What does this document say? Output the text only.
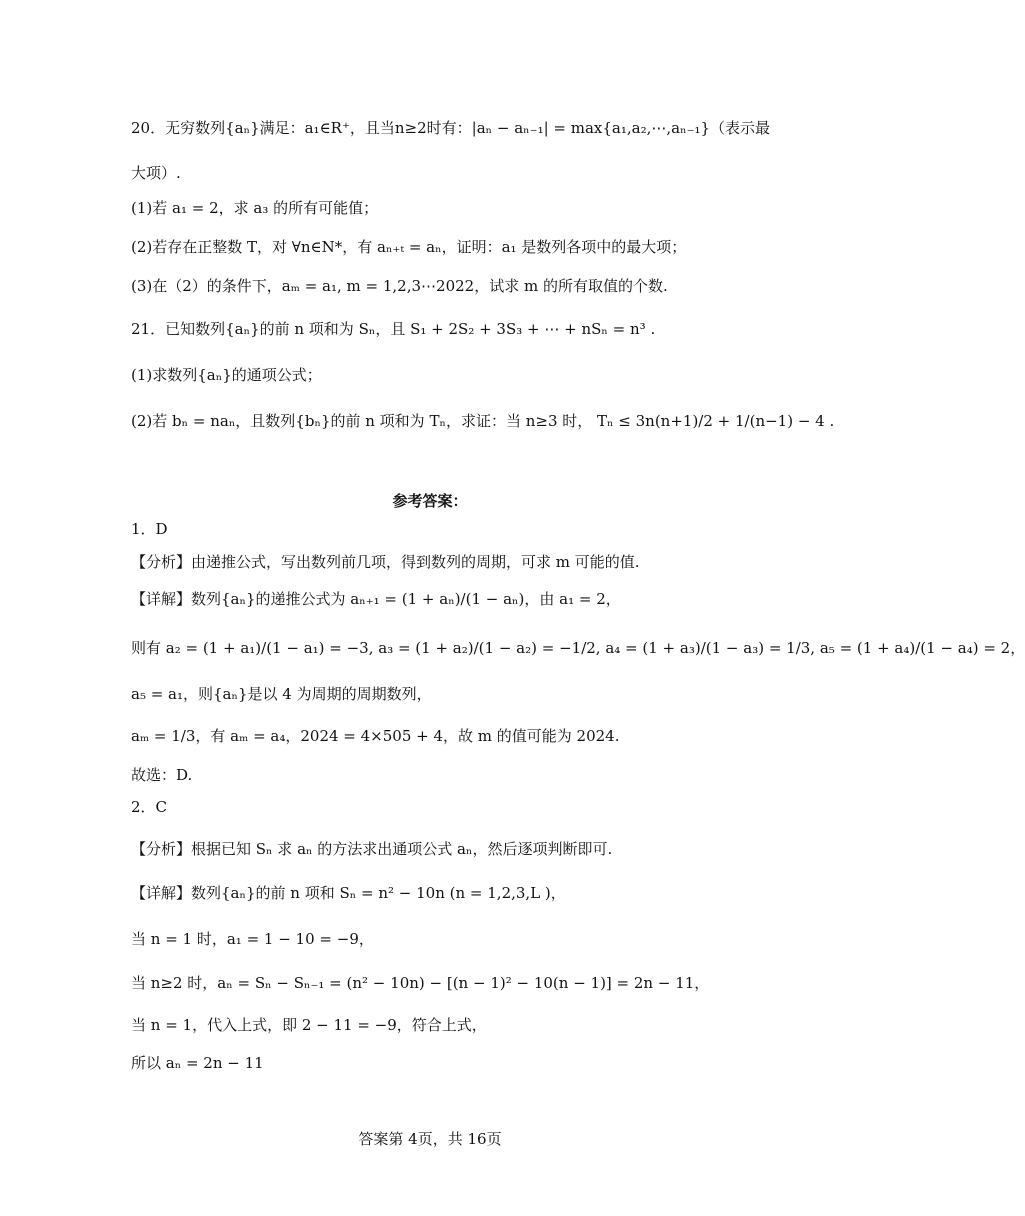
20．无穷数列{aₙ}满足：a₁∈R⁺，且当n≥2时有：|aₙ − aₙ₋₁| = max{a₁,a₂,⋯,aₙ₋₁}（表示最
大项）.
(1)若 a₁ = 2，求 a₃ 的所有可能值；
(2)若存在正整数 T，对 ∀n∈N*，有 aₙ₊ₜ = aₙ，证明：a₁ 是数列各项中的最大项；
(3)在（2）的条件下，aₘ = a₁, m = 1,2,3⋯2022，试求 m 的所有取值的个数.
21．已知数列{aₙ}的前 n 项和为 Sₙ，且 S₁ + 2S₂ + 3S₃ + ⋯ + nSₙ = n³ .
(1)求数列{aₙ}的通项公式；
(2)若 bₙ = naₙ，且数列{bₙ}的前 n 项和为 Tₙ，求证：当 n≥3 时， Tₙ ≤ 3n(n+1)/2 + 1/(n−1) − 4 .
参考答案：
1．D
【分析】由递推公式，写出数列前几项，得到数列的周期，可求 m 可能的值.
【详解】数列{aₙ}的递推公式为 aₙ₊₁ = (1 + aₙ)/(1 − aₙ)，由 a₁ = 2，
则有 a₂ = (1 + a₁)/(1 − a₁) = −3, a₃ = (1 + a₂)/(1 − a₂) = −1/2, a₄ = (1 + a₃)/(1 − a₃) = 1/3, a₅ = (1 + a₄)/(1 − a₄) = 2，
a₅ = a₁，则{aₙ}是以 4 为周期的周期数列，
aₘ = 1/3，有 aₘ = a₄，2024 = 4×505 + 4，故 m 的值可能为 2024.
故选：D.
2．C
【分析】根据已知 Sₙ 求 aₙ 的方法求出通项公式 aₙ，然后逐项判断即可.
【详解】数列{aₙ}的前 n 项和 Sₙ = n² − 10n (n = 1,2,3,L )，
当 n = 1 时，a₁ = 1 − 10 = −9，
当 n≥2 时，aₙ = Sₙ − Sₙ₋₁ = (n² − 10n) − [(n − 1)² − 10(n − 1)] = 2n − 11，
当 n = 1，代入上式，即 2 − 11 = −9，符合上式，
所以 aₙ = 2n − 11
答案第 4页，共 16页
